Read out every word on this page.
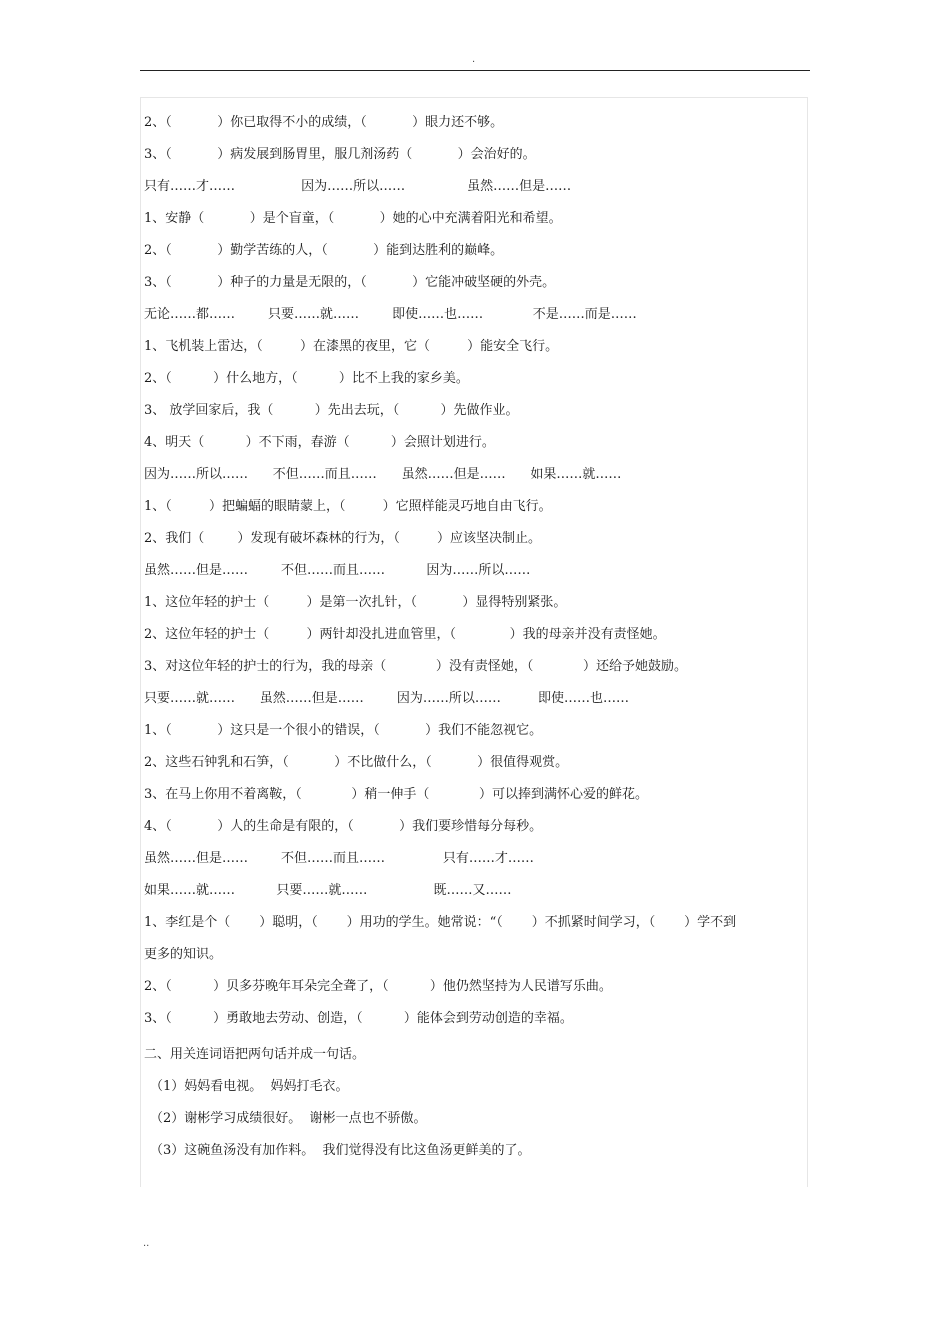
.
2、（           ）你已取得不小的成绩，（           ）眼力还不够。
3、（           ）病发展到肠胃里，服几剂汤药（           ）会治好的。
只有……才……                因为……所以……               虽然……但是……
1、安静（           ）是个盲童，（           ）她的心中充满着阳光和希望。
2、（           ）勤学苦练的人，（           ）能到达胜利的巅峰。
3、（           ）种子的力量是无限的，（           ）它能冲破坚硬的外壳。
无论……都……        只要……就……        即使……也……            不是……而是……
1、飞机装上雷达，（         ）在漆黑的夜里，它（         ）能安全飞行。
2、（          ）什么地方，（          ）比不上我的家乡美。
3、 放学回家后，我（          ）先出去玩，（          ）先做作业。
4、明天（          ）不下雨，春游（          ）会照计划进行。
因为……所以……      不但……而且……      虽然……但是……      如果……就……
1、（         ）把蝙蝠的眼睛蒙上，（         ）它照样能灵巧地自由飞行。
2、我们（        ）发现有破坏森林的行为，（         ）应该坚决制止。
虽然……但是……        不但……而且……          因为……所以……
1、这位年轻的护士（         ）是第一次扎针，（           ）显得特别紧张。
2、这位年轻的护士（         ）两针却没扎进血管里，（             ）我的母亲并没有责怪她。
3、对这位年轻的护士的行为，我的母亲（            ）没有责怪她，（            ）还给予她鼓励。
只要……就……      虽然……但是……        因为……所以……         即使……也……
1、（           ）这只是一个很小的错误，（           ）我们不能忽视它。
2、这些石钟乳和石笋，（           ）不比做什么，（           ）很值得观赏。
3、在马上你用不着离鞍，（            ）稍一伸手（            ）可以捧到满怀心爱的鲜花。
4、（           ）人的生命是有限的，（           ）我们要珍惜每分每秒。
虽然……但是……        不但……而且……              只有……才……
如果……就……          只要……就……                既……又……
1、李红是个（       ）聪明，（       ）用功的学生。她常说：“（       ）不抓紧时间学习，（       ）学不到
更多的知识。
2、（          ）贝多芬晚年耳朵完全聋了，（          ）他仍然坚持为人民谱写乐曲。
3、（          ）勇敢地去劳动、创造，（          ）能体会到劳动创造的幸福。
二、用关连词语把两句话并成一句话。
（1）妈妈看电视。  妈妈打毛衣。
（2）谢彬学习成绩很好。  谢彬一点也不骄傲。
（3）这碗鱼汤没有加作料。  我们觉得没有比这鱼汤更鲜美的了。
..
